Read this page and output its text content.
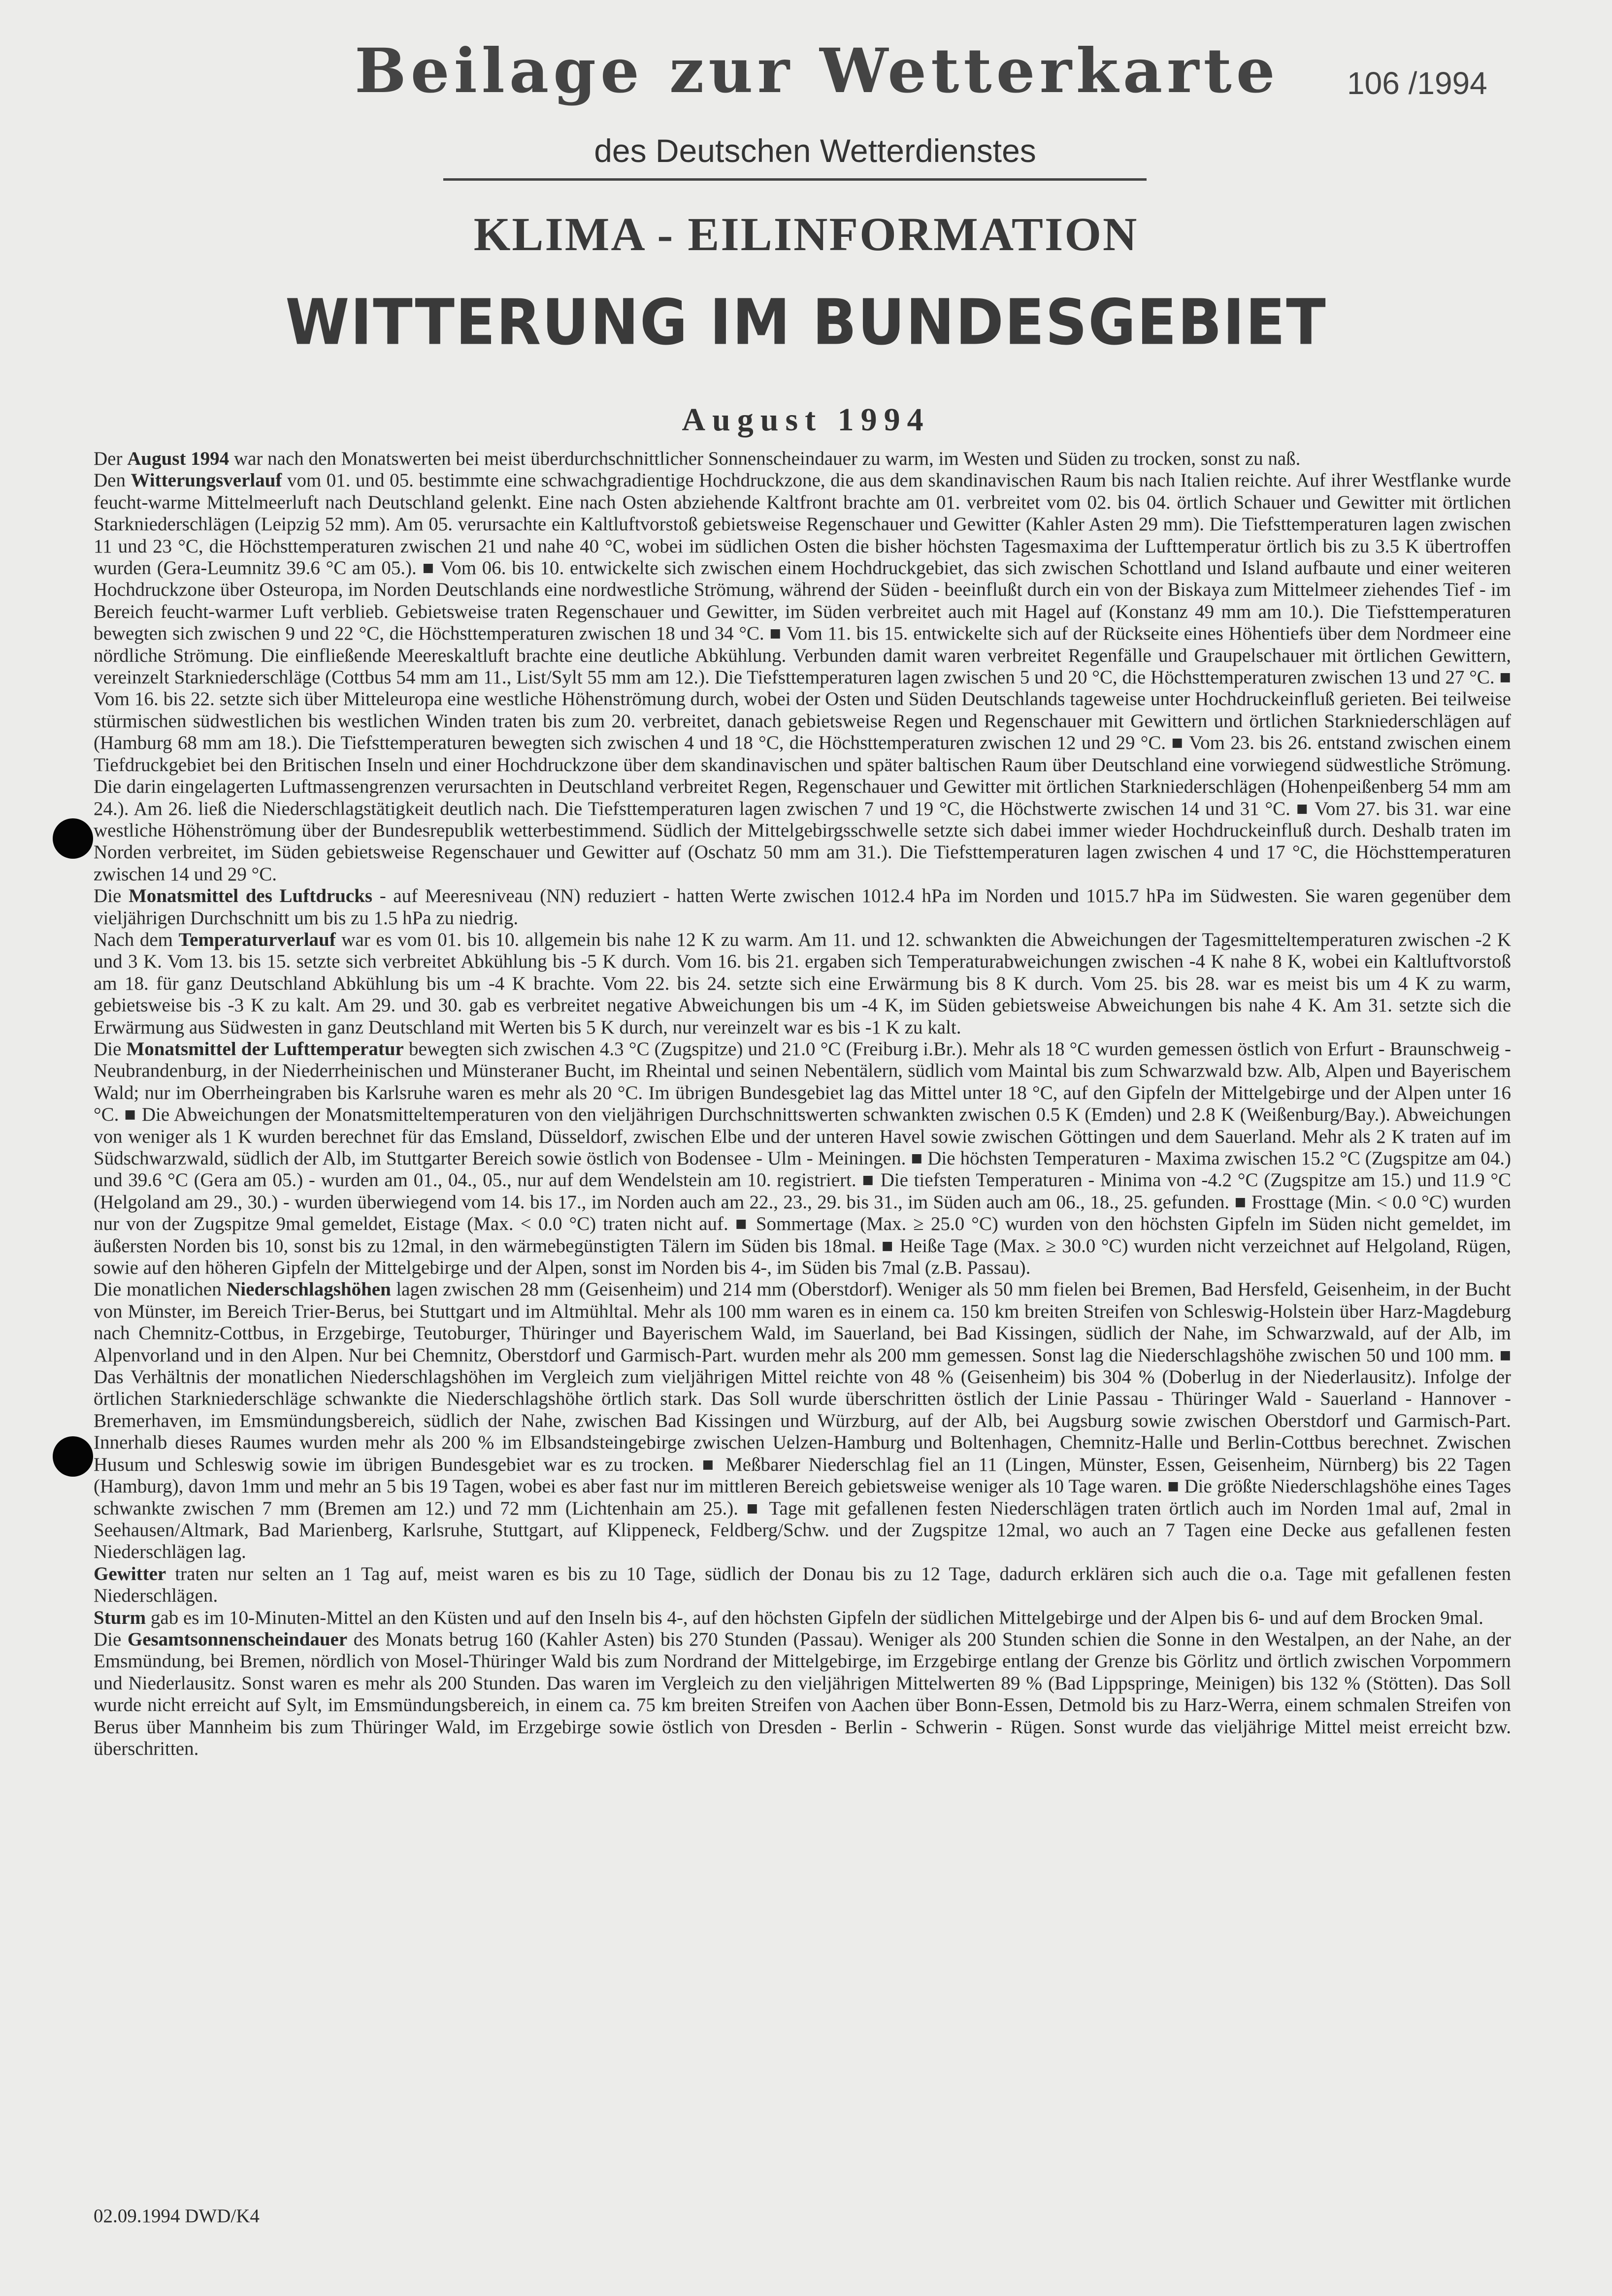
Beilage zur Wetterkarte	106 /1994
des Deutschen Wetterdienstes
KLIMA - EILINFORMATION
WITTERUNG IM BUNDESGEBIET
August 1994

Der August 1994 war nach den Monatswerten bei meist überdurchschnittlicher Sonnenscheindauer zu warm, im Westen und Süden zu trocken, sonst zu naß.

Den Witterungsverlauf vom 01. und 05. bestimmte eine schwachgradientige Hochdruckzone, die aus dem skandinavischen Raum bis nach Italien reichte. Auf ihrer Westflanke wurde feucht-warme Mittelmeerluft nach Deutschland gelenkt. Eine nach Osten abziehende Kaltfront brachte am 01. verbreitet vom 02. bis 04. örtlich Schauer und Gewitter mit örtlichen Starkniederschlägen (Leipzig 52 mm). Am 05. verursachte ein Kaltluftvorstoß gebietsweise Regenschauer und Gewitter (Kahler Asten 29 mm). Die Tiefsttemperaturen lagen zwischen 11 und 23 °C, die Höchsttemperaturen zwischen 21 und nahe 40 °C, wobei im südlichen Osten die bisher höchsten Tagesmaxima der Lufttemperatur örtlich bis zu 3.5 K übertroffen wurden (Gera-Leumnitz 39.6 °C am 05.). ■ Vom 06. bis 10. entwickelte sich zwischen einem Hochdruckgebiet, das sich zwischen Schottland und Island aufbaute und einer weiteren Hochdruckzone über Osteuropa, im Norden Deutschlands eine nordwestliche Strömung, während der Süden - beeinflußt durch ein von der Biskaya zum Mittelmeer ziehendes Tief - im Bereich feucht-warmer Luft verblieb. Gebietsweise traten Regenschauer und Gewitter, im Süden verbreitet auch mit Hagel auf (Konstanz 49 mm am 10.). Die Tiefsttemperaturen bewegten sich zwischen 9 und 22 °C, die Höchsttemperaturen zwischen 18 und 34 °C. ■ Vom 11. bis 15. entwickelte sich auf der Rückseite eines Höhentiefs über dem Nordmeer eine nördliche Strömung. Die einfließende Meereskaltluft brachte eine deutliche Abkühlung. Verbunden damit waren verbreitet Regenfälle und Graupelschauer mit örtlichen Gewittern, vereinzelt Starkniederschläge (Cottbus 54 mm am 11., List/Sylt 55 mm am 12.). Die Tiefsttemperaturen lagen zwischen 5 und 20 °C, die Höchsttemperaturen zwischen 13 und 27 °C. ■ Vom 16. bis 22. setzte sich über Mitteleuropa eine westliche Höhenströmung durch, wobei der Osten und Süden Deutschlands tageweise unter Hochdruckeinfluß gerieten. Bei teilweise stürmischen südwestlichen bis westlichen Winden traten bis zum 20. verbreitet, danach gebietsweise Regen und Regenschauer mit Gewittern und örtlichen Starkniederschlägen auf (Hamburg 68 mm am 18.). Die Tiefsttemperaturen bewegten sich zwischen 4 und 18 °C, die Höchsttemperaturen zwischen 12 und 29 °C. ■ Vom 23. bis 26. entstand zwischen einem Tiefdruckgebiet bei den Britischen Inseln und einer Hochdruckzone über dem skandinavischen und später baltischen Raum über Deutschland eine vorwiegend südwestliche Strömung. Die darin eingelagerten Luftmassengrenzen verursachten in Deutschland verbreitet Regen, Regenschauer und Gewitter mit örtlichen Starkniederschlägen (Hohenpeißenberg 54 mm am 24.). Am 26. ließ die Niederschlagstätigkeit deutlich nach. Die Tiefsttemperaturen lagen zwischen 7 und 19 °C, die Höchstwerte zwischen 14 und 31 °C. ■ Vom 27. bis 31. war eine westliche Höhenströmung über der Bundesrepublik wetterbestimmend. Südlich der Mittelgebirgsschwelle setzte sich dabei immer wieder Hochdruckeinfluß durch. Deshalb traten im Norden verbreitet, im Süden gebietsweise Regenschauer und Gewitter auf (Oschatz 50 mm am 31.). Die Tiefsttemperaturen lagen zwischen 4 und 17 °C, die Höchsttemperaturen zwischen 14 und 29 °C.

Die Monatsmittel des Luftdrucks - auf Meeresniveau (NN) reduziert - hatten Werte zwischen 1012.4 hPa im Norden und 1015.7 hPa im Südwesten. Sie waren gegenüber dem vieljährigen Durchschnitt um bis zu 1.5 hPa zu niedrig.

Nach dem Temperaturverlauf war es vom 01. bis 10. allgemein bis nahe 12 K zu warm. Am 11. und 12. schwankten die Abweichungen der Tagesmitteltemperaturen zwischen -2 K und 3 K. Vom 13. bis 15. setzte sich verbreitet Abkühlung bis -5 K durch. Vom 16. bis 21. ergaben sich Temperaturabweichungen zwischen -4 K nahe 8 K, wobei ein Kaltluftvorstoß am 18. für ganz Deutschland Abkühlung bis um -4 K brachte. Vom 22. bis 24. setzte sich eine Erwärmung bis 8 K durch. Vom 25. bis 28. war es meist bis um 4 K zu warm, gebietsweise bis -3 K zu kalt. Am 29. und 30. gab es verbreitet negative Abweichungen bis um -4 K, im Süden gebietsweise Abweichungen bis nahe 4 K. Am 31. setzte sich die Erwärmung aus Südwesten in ganz Deutschland mit Werten bis 5 K durch, nur vereinzelt war es bis -1 K zu kalt.

Die Monatsmittel der Lufttemperatur bewegten sich zwischen 4.3 °C (Zugspitze) und 21.0 °C (Freiburg i.Br.). Mehr als 18 °C wurden gemessen östlich von Erfurt - Braunschweig - Neubrandenburg, in der Niederrheinischen und Münsteraner Bucht, im Rheintal und seinen Nebentälern, südlich vom Maintal bis zum Schwarzwald bzw. Alb, Alpen und Bayerischem Wald; nur im Oberrheingraben bis Karlsruhe waren es mehr als 20 °C. Im übrigen Bundesgebiet lag das Mittel unter 18 °C, auf den Gipfeln der Mittelgebirge und der Alpen unter 16 °C. ■ Die Abweichungen der Monatsmitteltemperaturen von den vieljährigen Durchschnittswerten schwankten zwischen 0.5 K (Emden) und 2.8 K (Weißenburg/Bay.). Abweichungen von weniger als 1 K wurden berechnet für das Emsland, Düsseldorf, zwischen Elbe und der unteren Havel sowie zwischen Göttingen und dem Sauerland. Mehr als 2 K traten auf im Südschwarzwald, südlich der Alb, im Stuttgarter Bereich sowie östlich von Bodensee - Ulm - Meiningen. ■ Die höchsten Temperaturen - Maxima zwischen 15.2 °C (Zugspitze am 04.) und 39.6 °C (Gera am 05.) - wurden am 01., 04., 05., nur auf dem Wendelstein am 10. registriert. ■ Die tiefsten Temperaturen - Minima von -4.2 °C (Zugspitze am 15.) und 11.9 °C (Helgoland am 29., 30.) - wurden überwiegend vom 14. bis 17., im Norden auch am 22., 23., 29. bis 31., im Süden auch am 06., 18., 25. gefunden. ■ Frosttage (Min. < 0.0 °C) wurden nur von der Zugspitze 9mal gemeldet, Eistage (Max. < 0.0 °C) traten nicht auf. ■ Sommertage (Max. ≥ 25.0 °C) wurden von den höchsten Gipfeln im Süden nicht gemeldet, im äußersten Norden bis 10, sonst bis zu 12mal, in den wärmebegünstigten Tälern im Süden bis 18mal. ■ Heiße Tage (Max. ≥ 30.0 °C) wurden nicht verzeichnet auf Helgoland, Rügen, sowie auf den höheren Gipfeln der Mittelgebirge und der Alpen, sonst im Norden bis 4-, im Süden bis 7mal (z.B. Passau).

Die monatlichen Niederschlagshöhen lagen zwischen 28 mm (Geisenheim) und 214 mm (Oberstdorf). Weniger als 50 mm fielen bei Bremen, Bad Hersfeld, Geisenheim, in der Bucht von Münster, im Bereich Trier-Berus, bei Stuttgart und im Altmühltal. Mehr als 100 mm waren es in einem ca. 150 km breiten Streifen von Schleswig-Holstein über Harz-Magdeburg nach Chemnitz-Cottbus, in Erzgebirge, Teutoburger, Thüringer und Bayerischem Wald, im Sauerland, bei Bad Kissingen, südlich der Nahe, im Schwarzwald, auf der Alb, im Alpenvorland und in den Alpen. Nur bei Chemnitz, Oberstdorf und Garmisch-Part. wurden mehr als 200 mm gemessen. Sonst lag die Niederschlagshöhe zwischen 50 und 100 mm. ■ Das Verhältnis der monatlichen Niederschlagshöhen im Vergleich zum vieljährigen Mittel reichte von 48 % (Geisenheim) bis 304 % (Doberlug in der Niederlausitz). Infolge der örtlichen Starkniederschläge schwankte die Niederschlagshöhe örtlich stark. Das Soll wurde überschritten östlich der Linie Passau - Thüringer Wald - Sauerland - Hannover - Bremerhaven, im Emsmündungsbereich, südlich der Nahe, zwischen Bad Kissingen und Würzburg, auf der Alb, bei Augsburg sowie zwischen Oberstdorf und Garmisch-Part. Innerhalb dieses Raumes wurden mehr als 200 % im Elbsandsteingebirge zwischen Uelzen-Hamburg und Boltenhagen, Chemnitz-Halle und Berlin-Cottbus berechnet. Zwischen Husum und Schleswig sowie im übrigen Bundesgebiet war es zu trocken. ■ Meßbarer Niederschlag fiel an 11 (Lingen, Münster, Essen, Geisenheim, Nürnberg) bis 22 Tagen (Hamburg), davon 1mm und mehr an 5 bis 19 Tagen, wobei es aber fast nur im mittleren Bereich gebietsweise weniger als 10 Tage waren. ■ Die größte Niederschlagshöhe eines Tages schwankte zwischen 7 mm (Bremen am 12.) und 72 mm (Lichtenhain am 25.). ■ Tage mit gefallenen festen Niederschlägen traten örtlich auch im Norden 1mal auf, 2mal in Seehausen/Altmark, Bad Marienberg, Karlsruhe, Stuttgart, auf Klippeneck, Feldberg/Schw. und der Zugspitze 12mal, wo auch an 7 Tagen eine Decke aus gefallenen festen Niederschlägen lag.

Gewitter traten nur selten an 1 Tag auf, meist waren es bis zu 10 Tage, südlich der Donau bis zu 12 Tage, dadurch erklären sich auch die o.a. Tage mit gefallenen festen Niederschlägen.

Sturm gab es im 10-Minuten-Mittel an den Küsten und auf den Inseln bis 4-, auf den höchsten Gipfeln der südlichen Mittelgebirge und der Alpen bis 6- und auf dem Brocken 9mal.

Die Gesamtsonnenscheindauer des Monats betrug 160 (Kahler Asten) bis 270 Stunden (Passau). Weniger als 200 Stunden schien die Sonne in den Westalpen, an der Nahe, an der Emsmündung, bei Bremen, nördlich von Mosel-Thüringer Wald bis zum Nordrand der Mittelgebirge, im Erzgebirge entlang der Grenze bis Görlitz und örtlich zwischen Vorpommern und Niederlausitz. Sonst waren es mehr als 200 Stunden. Das waren im Vergleich zu den vieljährigen Mittelwerten 89 % (Bad Lippspringe, Meinigen) bis 132 % (Stötten). Das Soll wurde nicht erreicht auf Sylt, im Emsmündungsbereich, in einem ca. 75 km breiten Streifen von Aachen über Bonn-Essen, Detmold bis zu Harz-Werra, einem schmalen Streifen von Berus über Mannheim bis zum Thüringer Wald, im Erzgebirge sowie östlich von Dresden - Berlin - Schwerin - Rügen. Sonst wurde das vieljährige Mittel meist erreicht bzw. überschritten.

02.09.1994 DWD/K4
